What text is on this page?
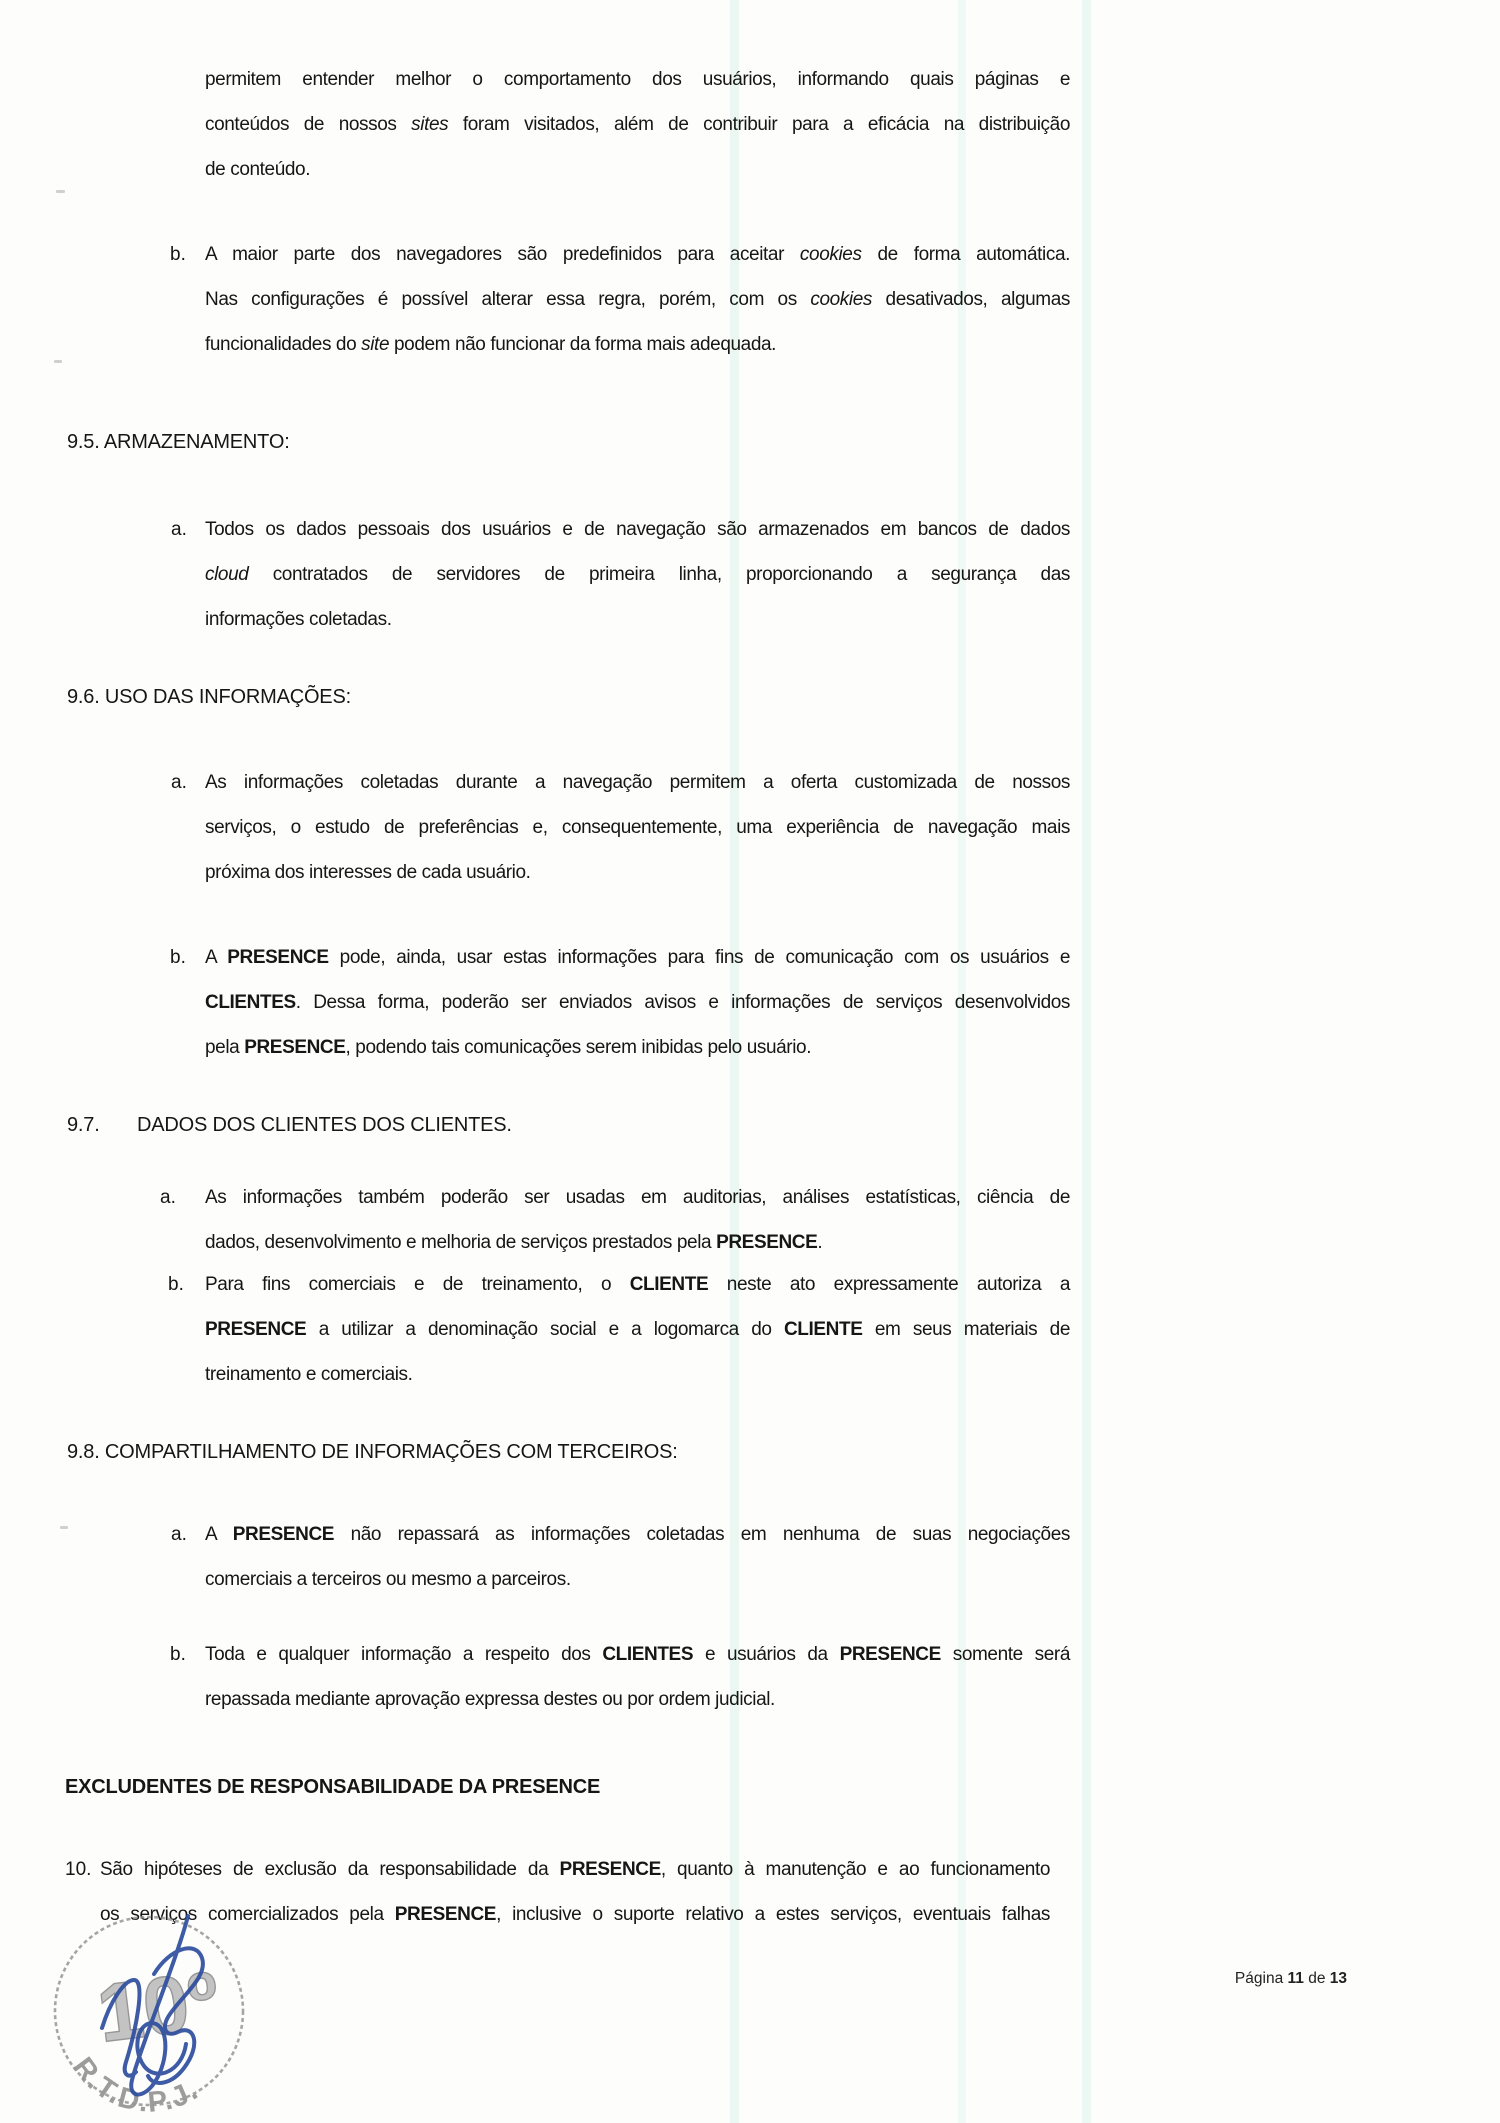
permitem entender melhor o comportamento dos usuários, informando quais páginas e
conteúdos de nossos sites foram visitados, além de contribuir para a eficácia na distribuição
de conteúdo.
b. A maior parte dos navegadores são predefinidos para aceitar cookies de forma automática.
Nas configurações é possível alterar essa regra, porém, com os cookies desativados, algumas
funcionalidades do site podem não funcionar da forma mais adequada.
9.5. ARMAZENAMENTO:
a. Todos os dados pessoais dos usuários e de navegação são armazenados em bancos de dados
cloud contratados de servidores de primeira linha, proporcionando a segurança das
informações coletadas.
9.6. USO DAS INFORMAÇÕES:
a. As informações coletadas durante a navegação permitem a oferta customizada de nossos
serviços, o estudo de preferências e, consequentemente, uma experiência de navegação mais
próxima dos interesses de cada usuário.
b. A PRESENCE pode, ainda, usar estas informações para fins de comunicação com os usuários e
CLIENTES. Dessa forma, poderão ser enviados avisos e informações de serviços desenvolvidos
pela PRESENCE, podendo tais comunicações serem inibidas pelo usuário.
9.7. DADOS DOS CLIENTES DOS CLIENTES.
a. As informações também poderão ser usadas em auditorias, análises estatísticas, ciência de
dados, desenvolvimento e melhoria de serviços prestados pela PRESENCE.
b. Para fins comerciais e de treinamento, o CLIENTE neste ato expressamente autoriza a
PRESENCE a utilizar a denominação social e a logomarca do CLIENTE em seus materiais de
treinamento e comerciais.
9.8. COMPARTILHAMENTO DE INFORMAÇÕES COM TERCEIROS:
a. A PRESENCE não repassará as informações coletadas em nenhuma de suas negociações
comerciais a terceiros ou mesmo a parceiros.
b. Toda e qualquer informação a respeito dos CLIENTES e usuários da PRESENCE somente será
repassada mediante aprovação expressa destes ou por ordem judicial.
EXCLUDENTES DE RESPONSABILIDADE DA PRESENCE
10. São hipóteses de exclusão da responsabilidade da PRESENCE, quanto à manutenção e ao funcionamento
os serviços comercializados pela PRESENCE, inclusive o suporte relativo a estes serviços, eventuais falhas
Página 11 de 13
10º
R.T.D.P.J.
